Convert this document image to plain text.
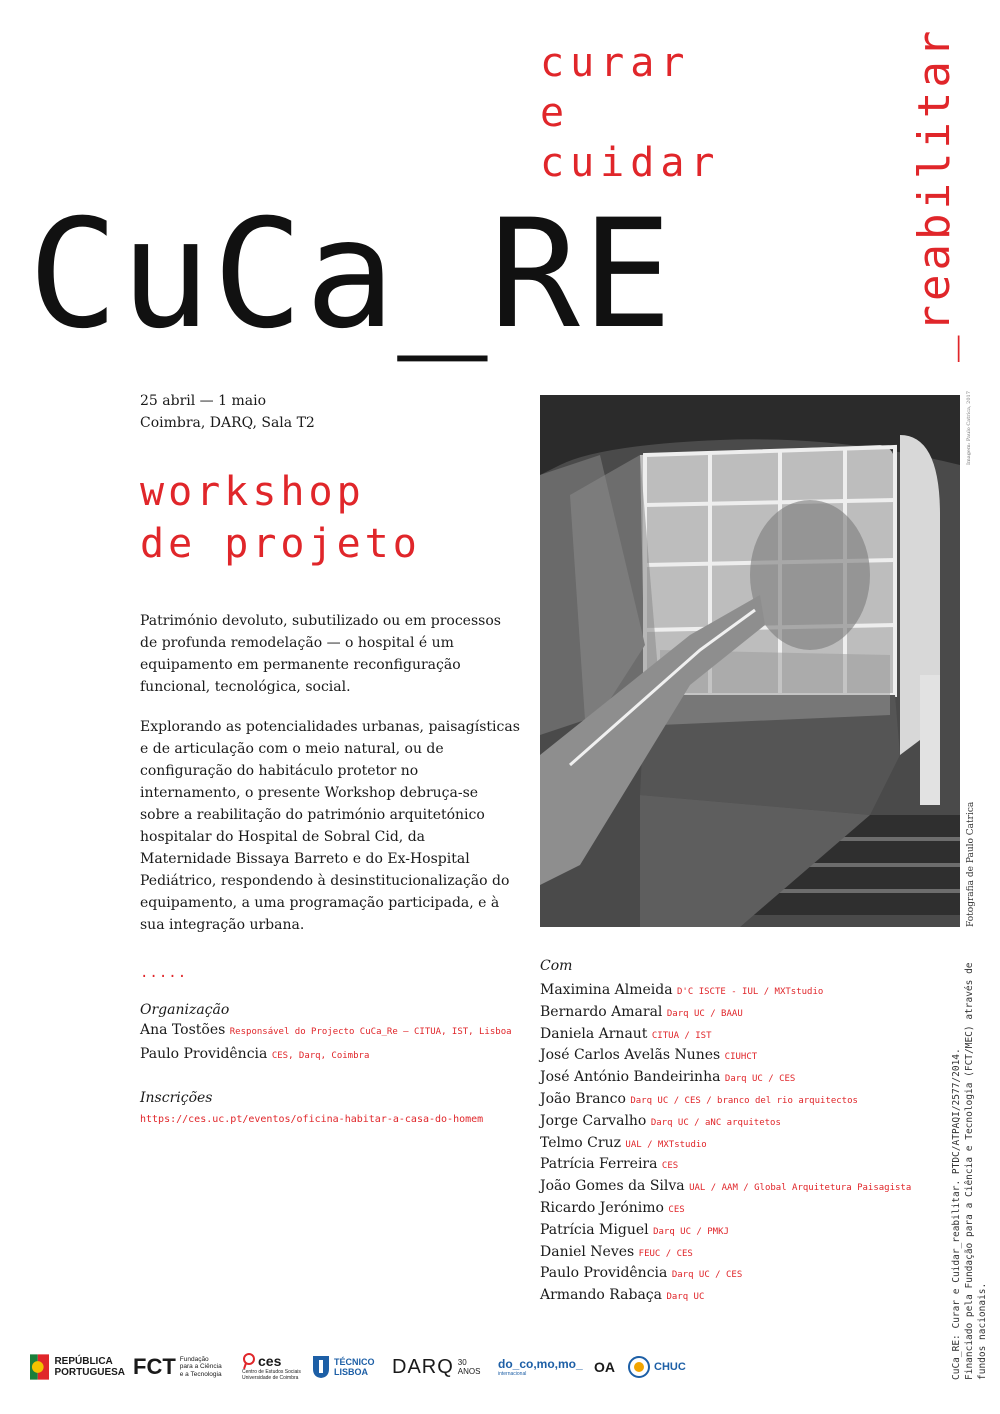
curar
e
cuidar
CuCa_RE	_reabilitar
25 abril — 1 maio
Coimbra, DARQ, Sala T2
workshop
de projeto
Património devoluto, subutilizado ou em processos de profunda remodelação — o hospital é um equipamento em permanente reconfiguração funcional, tecnológica, social.
Explorando as potencialidades urbanas, paisagísticas e de articulação com o meio natural, ou de configuração do habitáculo protetor no internamento, o presente Workshop debruça-se sobre a reabilitação do património arquitetónico hospitalar do Hospital de Sobral Cid, da Maternidade Bissaya Barreto e do Ex-Hospital Pediátrico, respondendo à desinstitucionalização do equipamento, a uma programação participada, e à sua integração urbana.
.....
Organização
Ana Tostões Responsável do Projecto CuCa_Re — CITUA, IST, Lisboa
Paulo Providência CES, Darq, Coimbra
Inscrições
https://ces.uc.pt/eventos/oficina-habitar-a-casa-do-homem
Imagem: Paulo Catrica, 2017
Fotografia de Paulo Catrica
Com
Maximina Almeida D'C ISCTE - IUL / MXTstudio
Bernardo Amaral Darq UC / BAAU
Daniela Arnaut CITUA / IST
José Carlos Avelãs Nunes CIUHCT
José António Bandeirinha Darq UC / CES
João Branco Darq UC / CES / branco del rio arquitectos
Jorge Carvalho Darq UC / aNC arquitetos
Telmo Cruz UAL / MXTstudio
Patrícia Ferreira CES
João Gomes da Silva UAL / AAM / Global Arquitetura Paisagista
Ricardo Jerónimo CES
Patrícia Miguel Darq UC / PMKJ
Daniel Neves FEUC / CES
Paulo Providência Darq UC / CES
Armando Rabaça Darq UC	CuCa_RE: Curar e Cuidar_reabilitar. PTDC/ATPAQI/2577/2014. Financiado pela Fundação para a Ciência e Tecnologia (FCT/MEC) através de fundos nacionais.
REPÚBLICA
PORTUGUESA FCT Fundação
para a Ciência
e a Tecnologia
ces
Centro de Estudos Sociais
Universidade de Coimbra
TÉCNICO
LISBOA	DARQ 30
ANOS
do_co,mo,mo_
internacional	OA	CHUC
